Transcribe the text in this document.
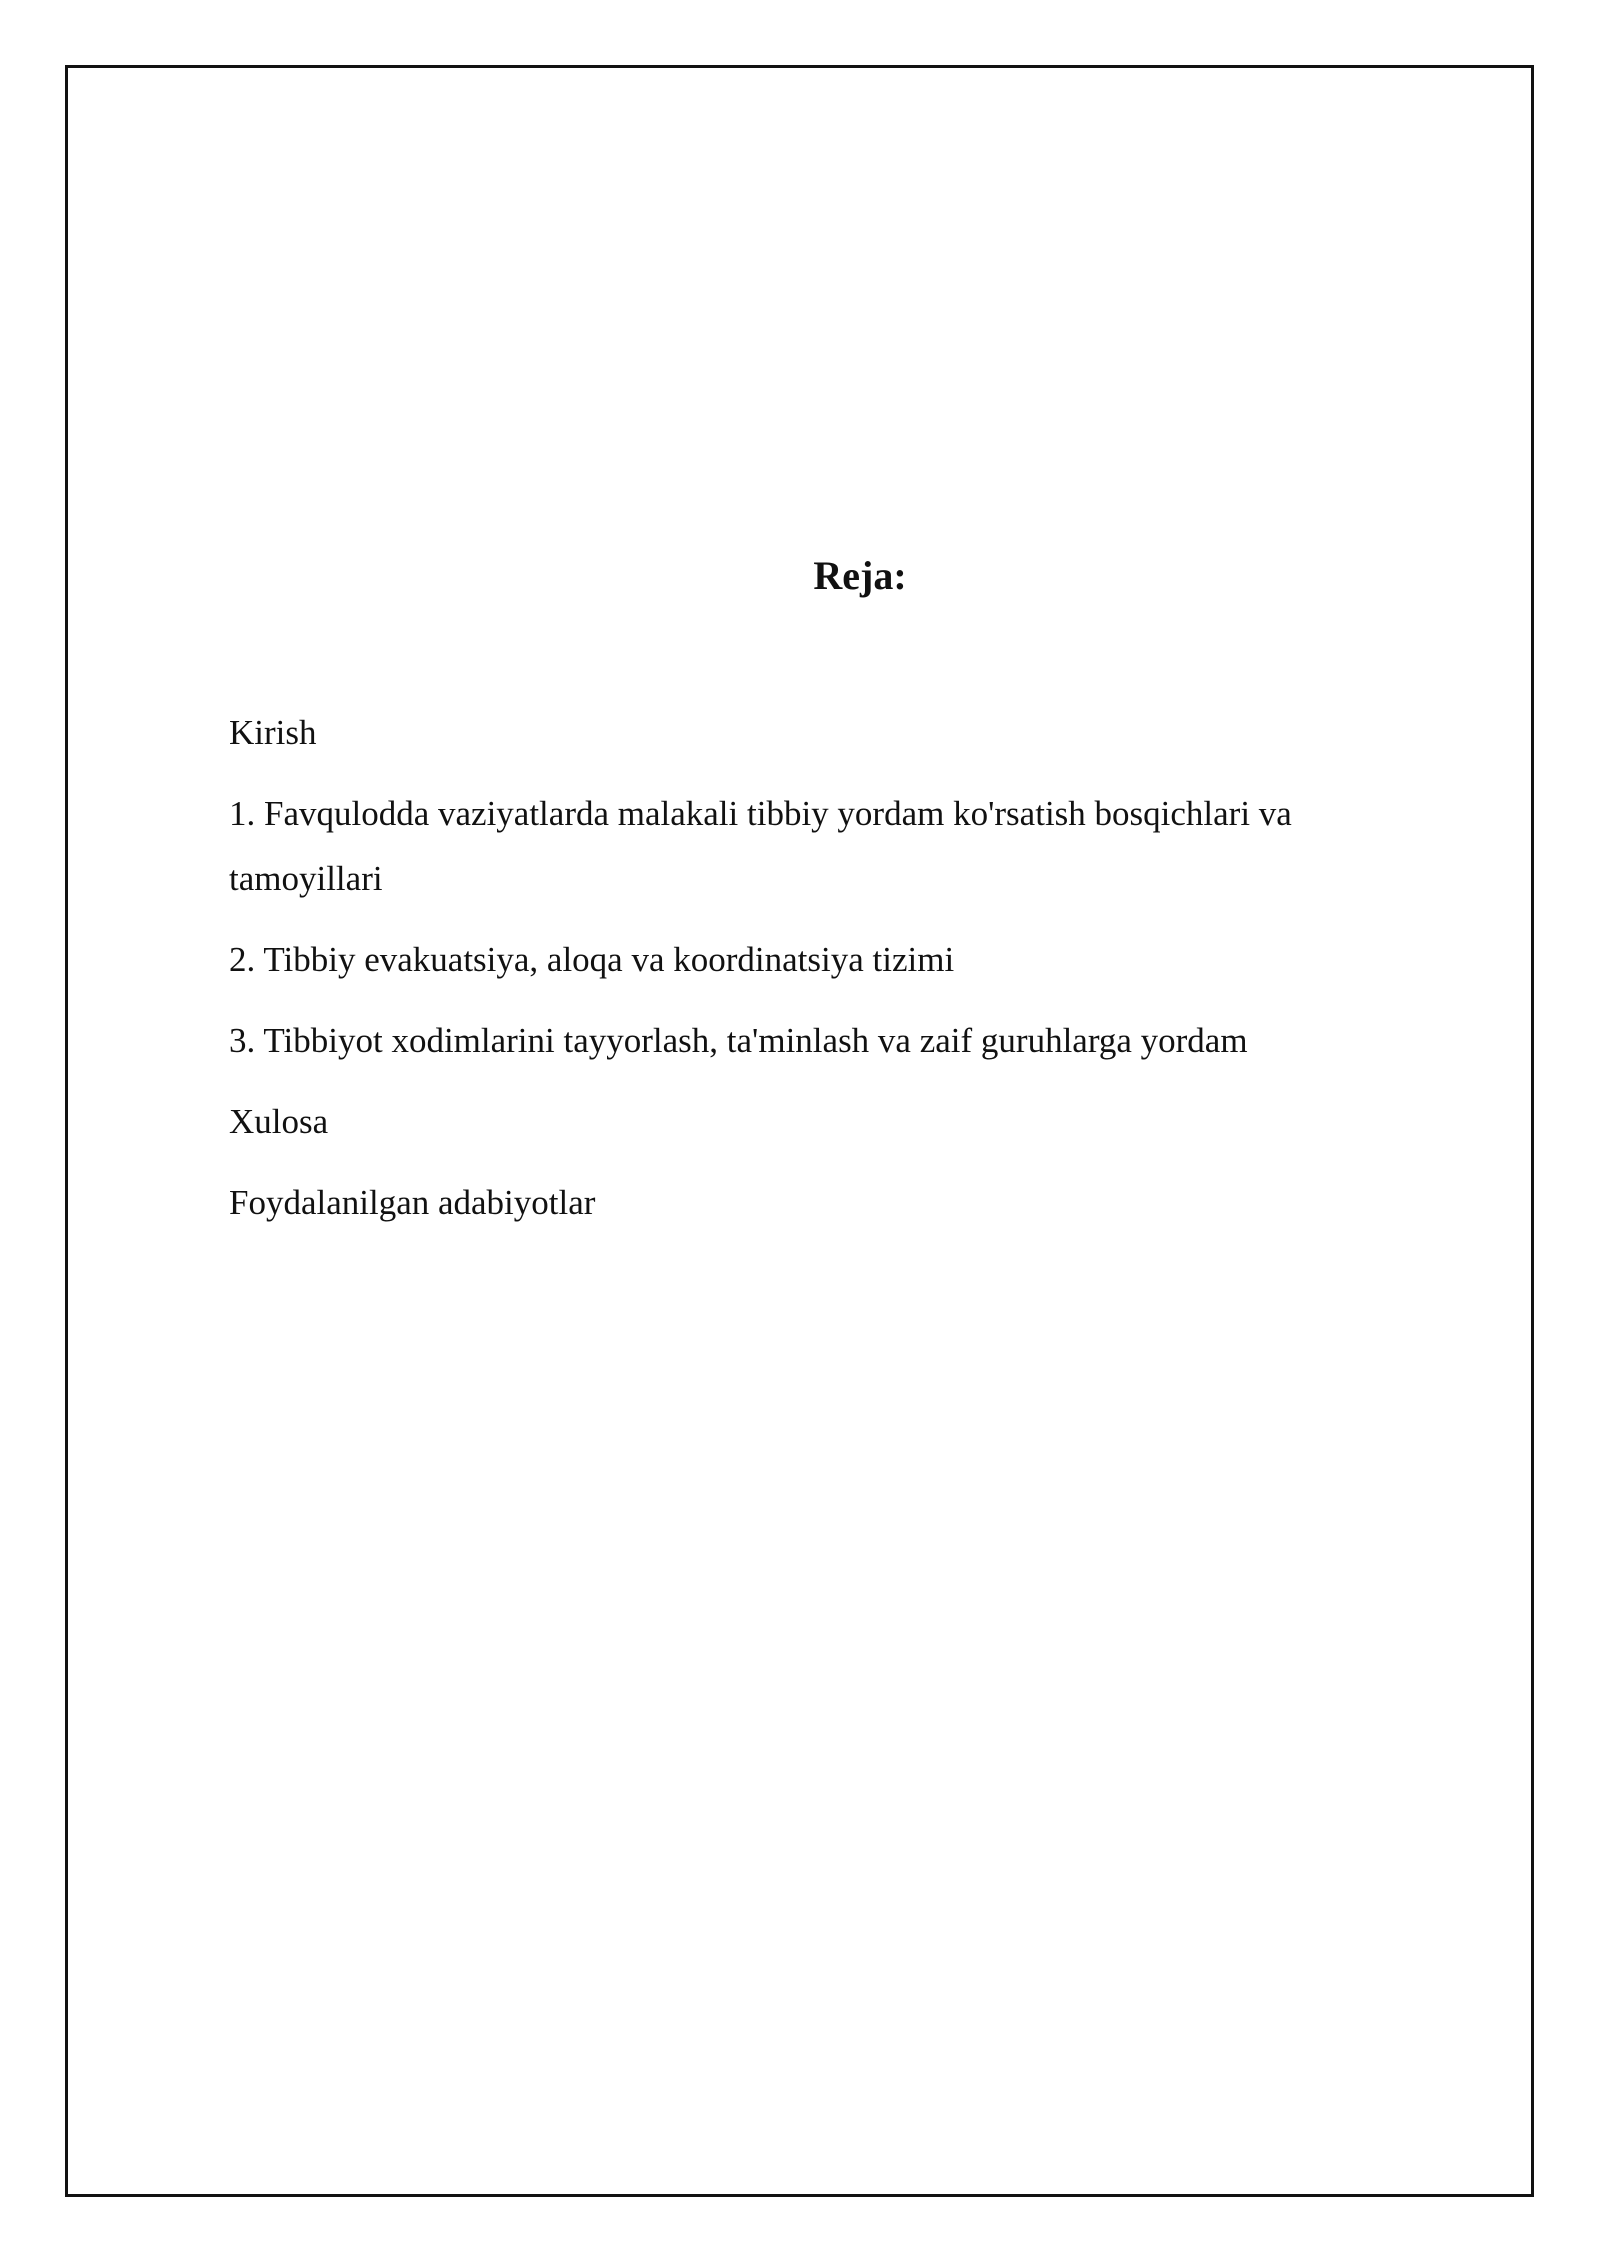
Reja:
Kirish
1. Favqulodda vaziyatlarda malakali tibbiy yordam ko'rsatish bosqichlari va tamoyillari
2. Tibbiy evakuatsiya, aloqa va koordinatsiya tizimi
3. Tibbiyot xodimlarini tayyorlash, ta'minlash va zaif guruhlarga yordam
Xulosa
Foydalanilgan adabiyotlar
